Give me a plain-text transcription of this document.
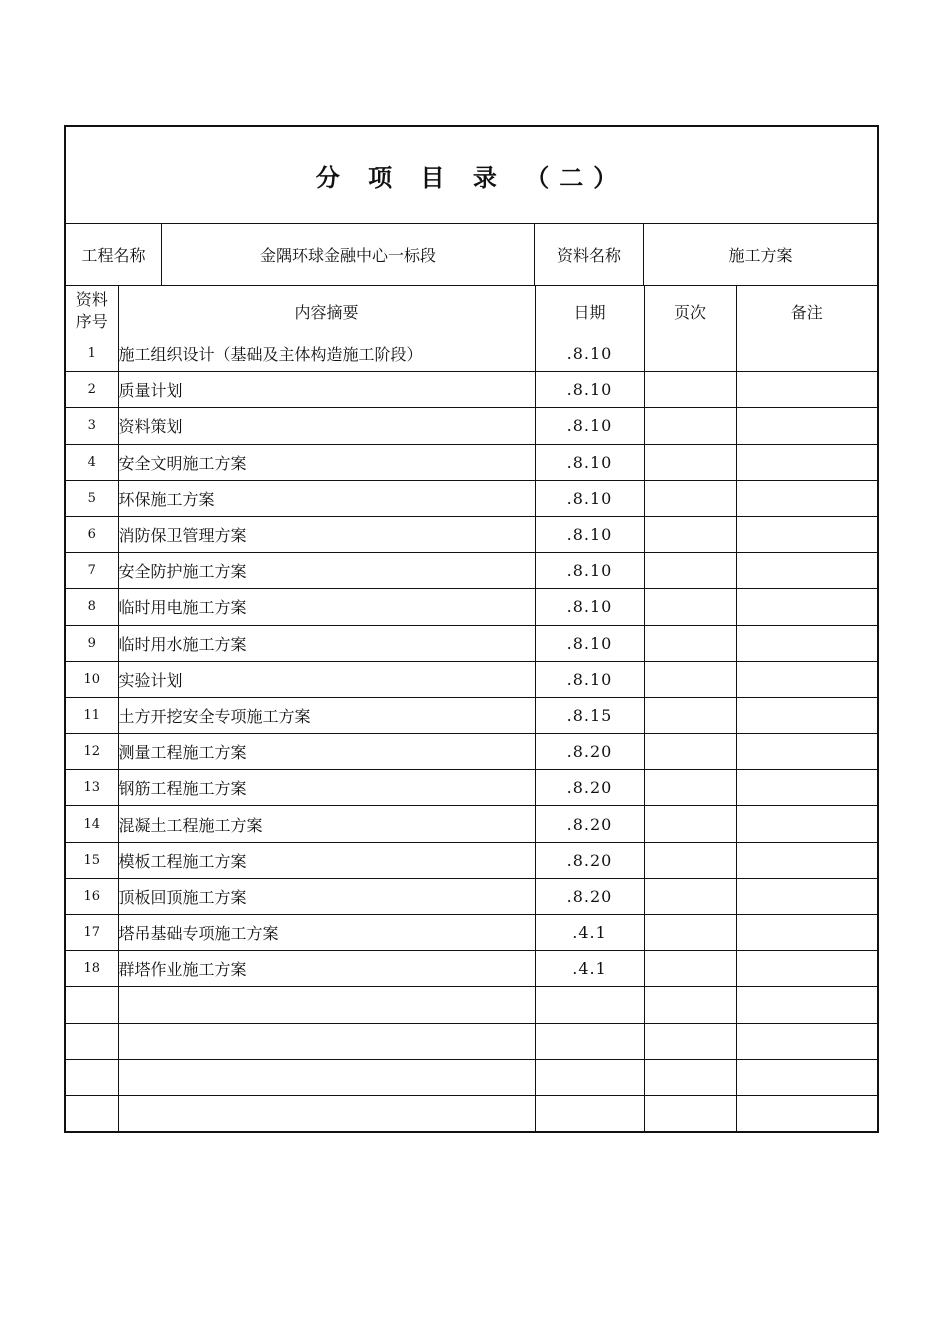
分 项 目 录 （二）
工程名称	金隅环球金融中心一标段	资料名称	施工方案
资料
序号	内容摘要	日期	页次	备注
1	施工组织设计（基础及主体构造施工阶段）	.8.10		
2	质量计划	.8.10		
3	资料策划	.8.10		
4	安全文明施工方案	.8.10		
5	环保施工方案	.8.10		
6	消防保卫管理方案	.8.10		
7	安全防护施工方案	.8.10		
8	临时用电施工方案	.8.10		
9	临时用水施工方案	.8.10		
10	实验计划	.8.10		
11	土方开挖安全专项施工方案	.8.15		
12	测量工程施工方案	.8.20		
13	钢筋工程施工方案	.8.20		
14	混凝土工程施工方案	.8.20		
15	模板工程施工方案	.8.20		
16	顶板回顶施工方案	.8.20		
17	塔吊基础专项施工方案	.4.1		
18	群塔作业施工方案	.4.1		
